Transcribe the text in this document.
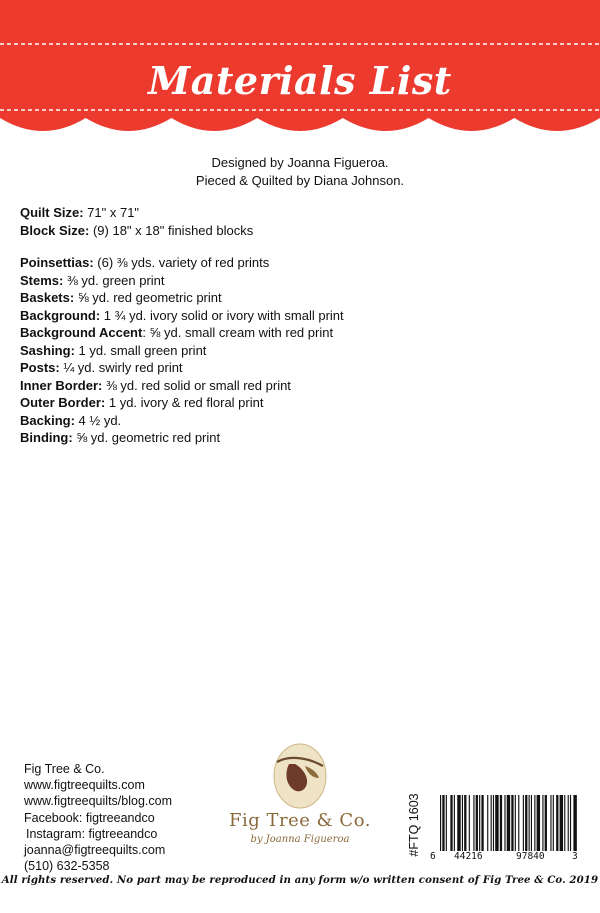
Materials List
Designed by Joanna Figueroa.
Pieced & Quilted by Diana Johnson.
Quilt Size: 71" x 71"
Block Size: (9) 18" x 18" finished blocks
Poinsettias: (6) ⅜ yds. variety of red prints
Stems: ⅜ yd. green print
Baskets: ⅝ yd. red geometric print
Background: 1 ¾ yd. ivory solid or ivory with small print
Background Accent: ⅝ yd. small cream with red print
Sashing: 1 yd. small green print
Posts: ¼ yd. swirly red print
Inner Border: ⅜ yd. red solid or small red print
Outer Border: 1 yd. ivory & red floral print
Backing: 4 ½ yd.
Binding: ⅝ yd. geometric red print
Fig Tree & Co.
www.figtreequilts.com
www.figtreequilts/blog.com
Facebook: figtreeandco
Instagram: figtreeandco
joanna@figtreequilts.com
(510) 632-5358
Fig Tree & Co.
by Joanna Figueroa	#FTQ 1603 6 44216	97840	3
All rights reserved. No part may be reproduced in any form w/o written consent of Fig Tree & Co. 2019
